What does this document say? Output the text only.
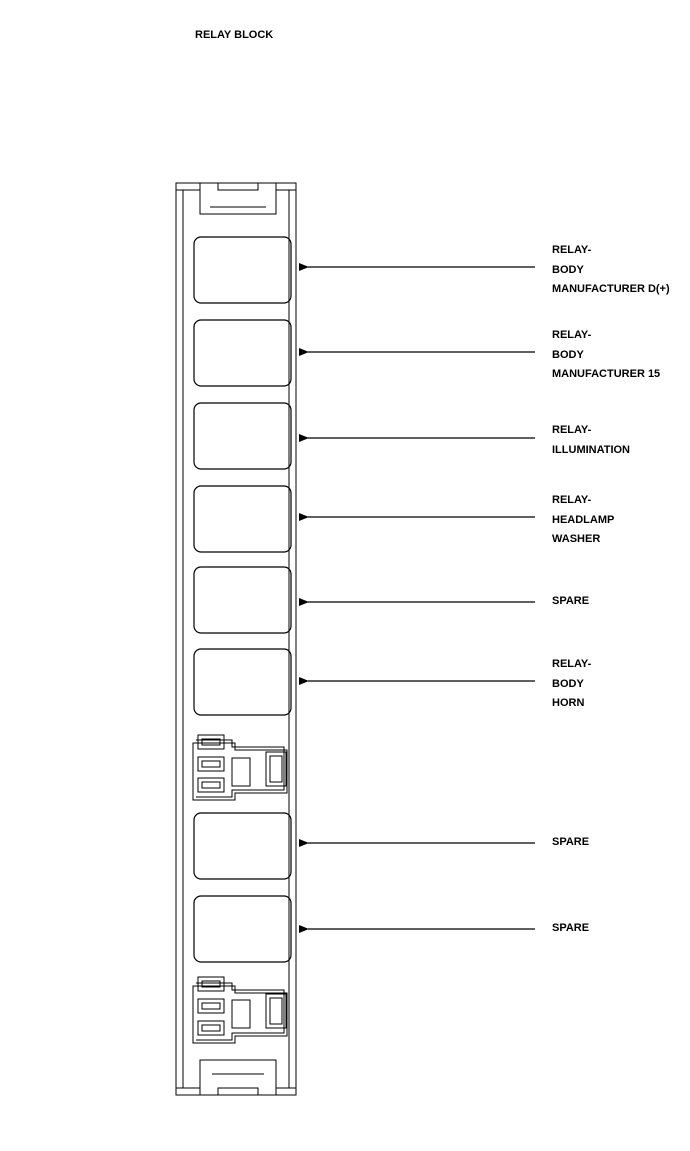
RELAY BLOCK
RELAY-
BODY
MANUFACTURER D(+)
RELAY-
BODY
MANUFACTURER 15
RELAY-
ILLUMINATION
RELAY-
HEADLAMP
WASHER
SPARE
RELAY-
BODY
HORN
SPARE
SPARE
